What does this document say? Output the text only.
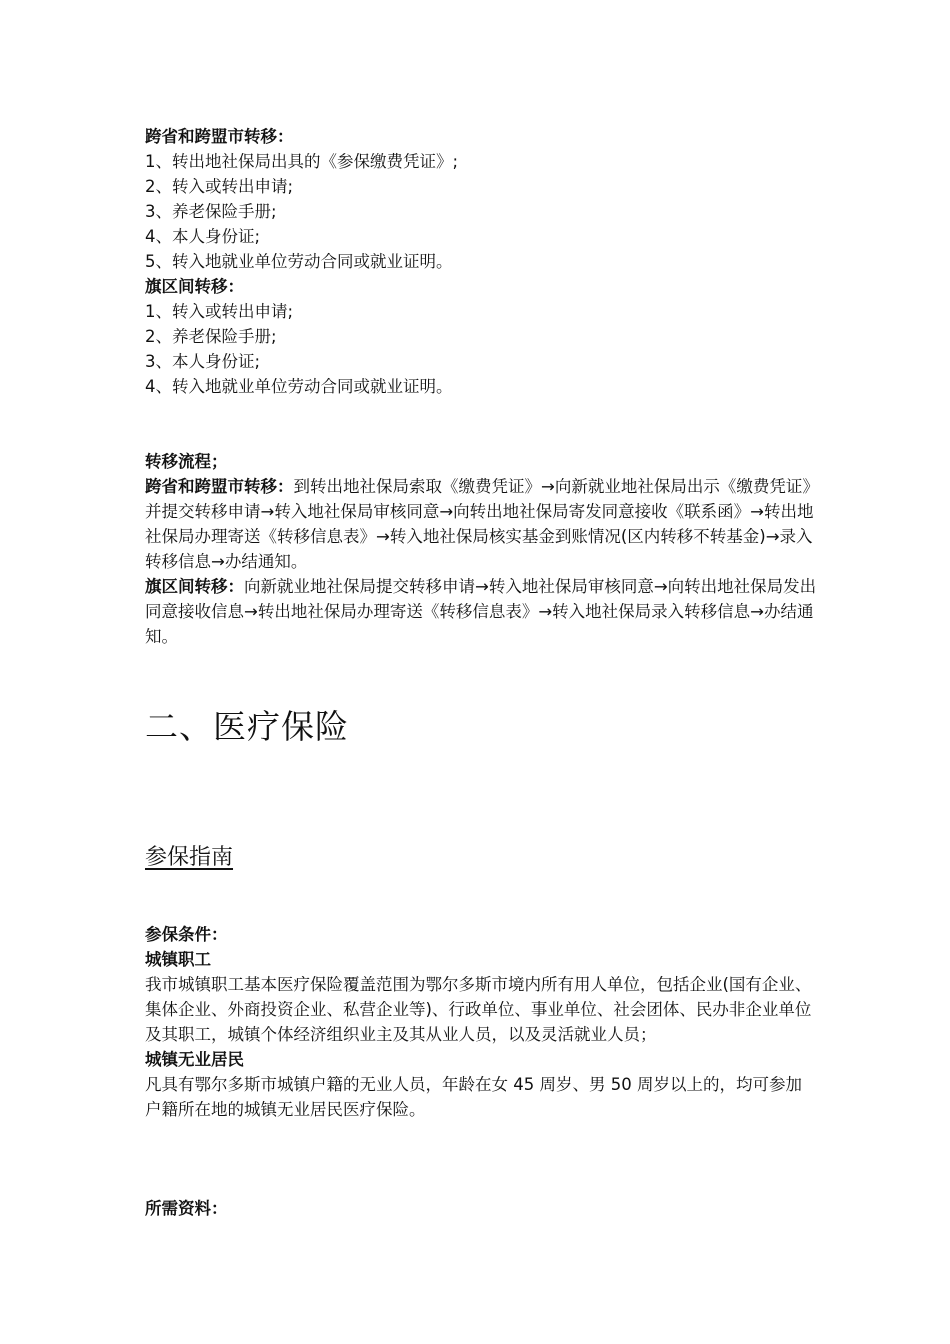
跨省和跨盟市转移：
1、转出地社保局出具的《参保缴费凭证》;
2、转入或转出申请;
3、养老保险手册;
4、本人身份证;
5、转入地就业单位劳动合同或就业证明。
旗区间转移：
1、转入或转出申请;
2、养老保险手册;
3、本人身份证;
4、转入地就业单位劳动合同或就业证明。
转移流程；
跨省和跨盟市转移：到转出地社保局索取《缴费凭证》→向新就业地社保局出示《缴费凭证》并提交转移申请→转入地社保局审核同意→向转出地社保局寄发同意接收《联系函》→转出地社保局办理寄送《转移信息表》→转入地社保局核实基金到账情况(区内转移不转基金)→录入转移信息→办结通知。
旗区间转移：向新就业地社保局提交转移申请→转入地社保局审核同意→向转出地社保局发出同意接收信息→转出地社保局办理寄送《转移信息表》→转入地社保局录入转移信息→办结通知。
二、医疗保险
参保指南
参保条件：
城镇职工
我市城镇职工基本医疗保险覆盖范围为鄂尔多斯市境内所有用人单位，包括企业(国有企业、集体企业、外商投资企业、私营企业等)、行政单位、事业单位、社会团体、民办非企业单位及其职工，城镇个体经济组织业主及其从业人员，以及灵活就业人员；
城镇无业居民
凡具有鄂尔多斯市城镇户籍的无业人员，年龄在女 45 周岁、男 50 周岁以上的，均可参加户籍所在地的城镇无业居民医疗保险。
所需资料：
